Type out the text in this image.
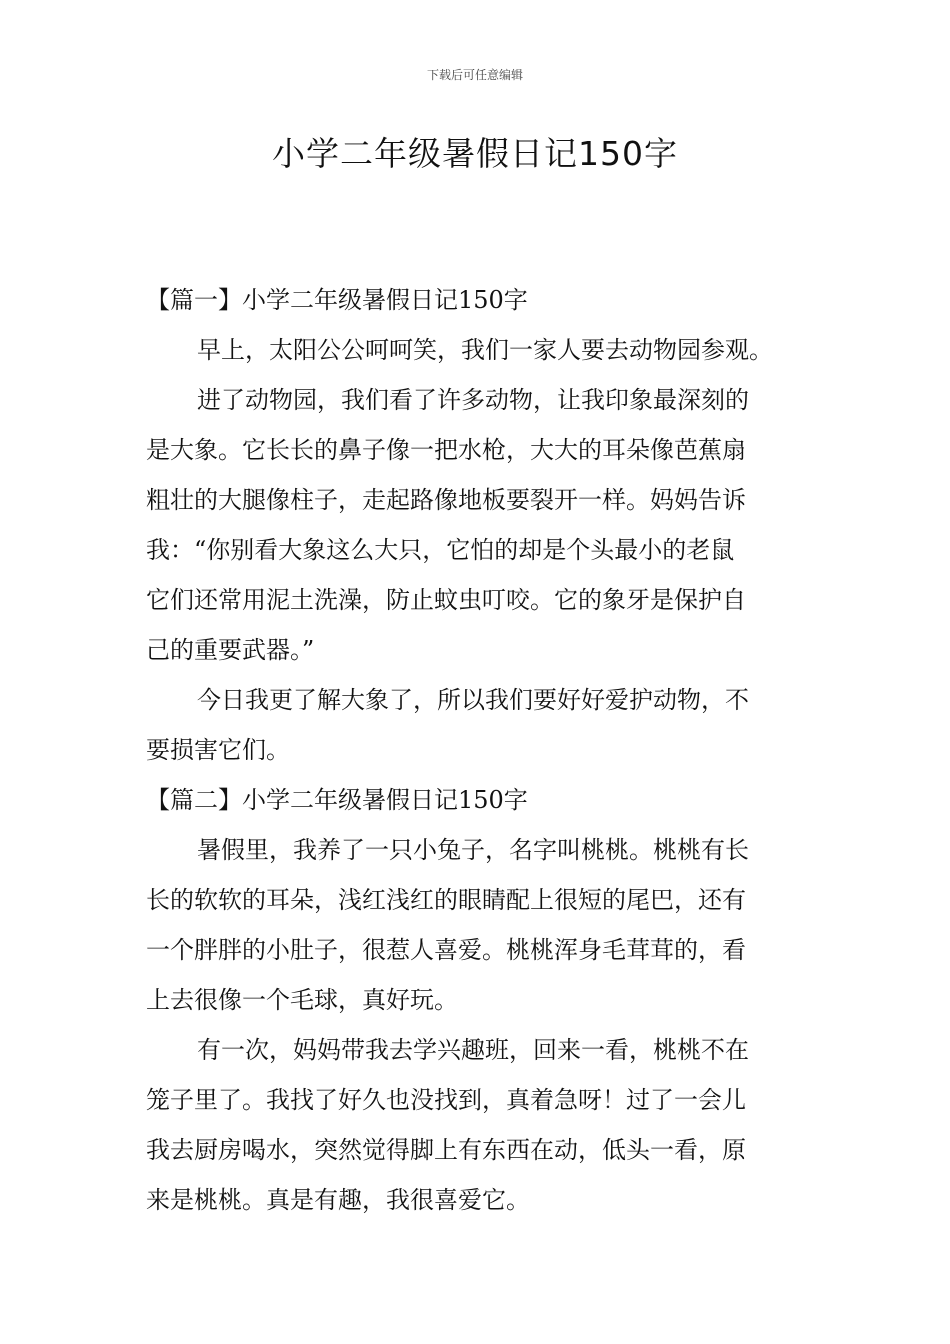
下载后可任意编辑
小学二年级暑假日记150字
【篇一】小学二年级暑假日记150字
早上，太阳公公呵呵笑，我们一家人要去动物园参观。
进了动物园，我们看了许多动物，让我印象最深刻的
是大象。它长长的鼻子像一把水枪，大大的耳朵像芭蕉扇
粗壮的大腿像柱子，走起路像地板要裂开一样。妈妈告诉
我：“你别看大象这么大只，它怕的却是个头最小的老鼠
它们还常用泥土洗澡，防止蚊虫叮咬。它的象牙是保护自
己的重要武器。”
今日我更了解大象了，所以我们要好好爱护动物，不
要损害它们。
【篇二】小学二年级暑假日记150字
暑假里，我养了一只小兔子，名字叫桃桃。桃桃有长
长的软软的耳朵，浅红浅红的眼睛配上很短的尾巴，还有
一个胖胖的小肚子，很惹人喜爱。桃桃浑身毛茸茸的，看
上去很像一个毛球，真好玩。
有一次，妈妈带我去学兴趣班，回来一看，桃桃不在
笼子里了。我找了好久也没找到，真着急呀！过了一会儿
我去厨房喝水，突然觉得脚上有东西在动，低头一看，原
来是桃桃。真是有趣，我很喜爱它。
